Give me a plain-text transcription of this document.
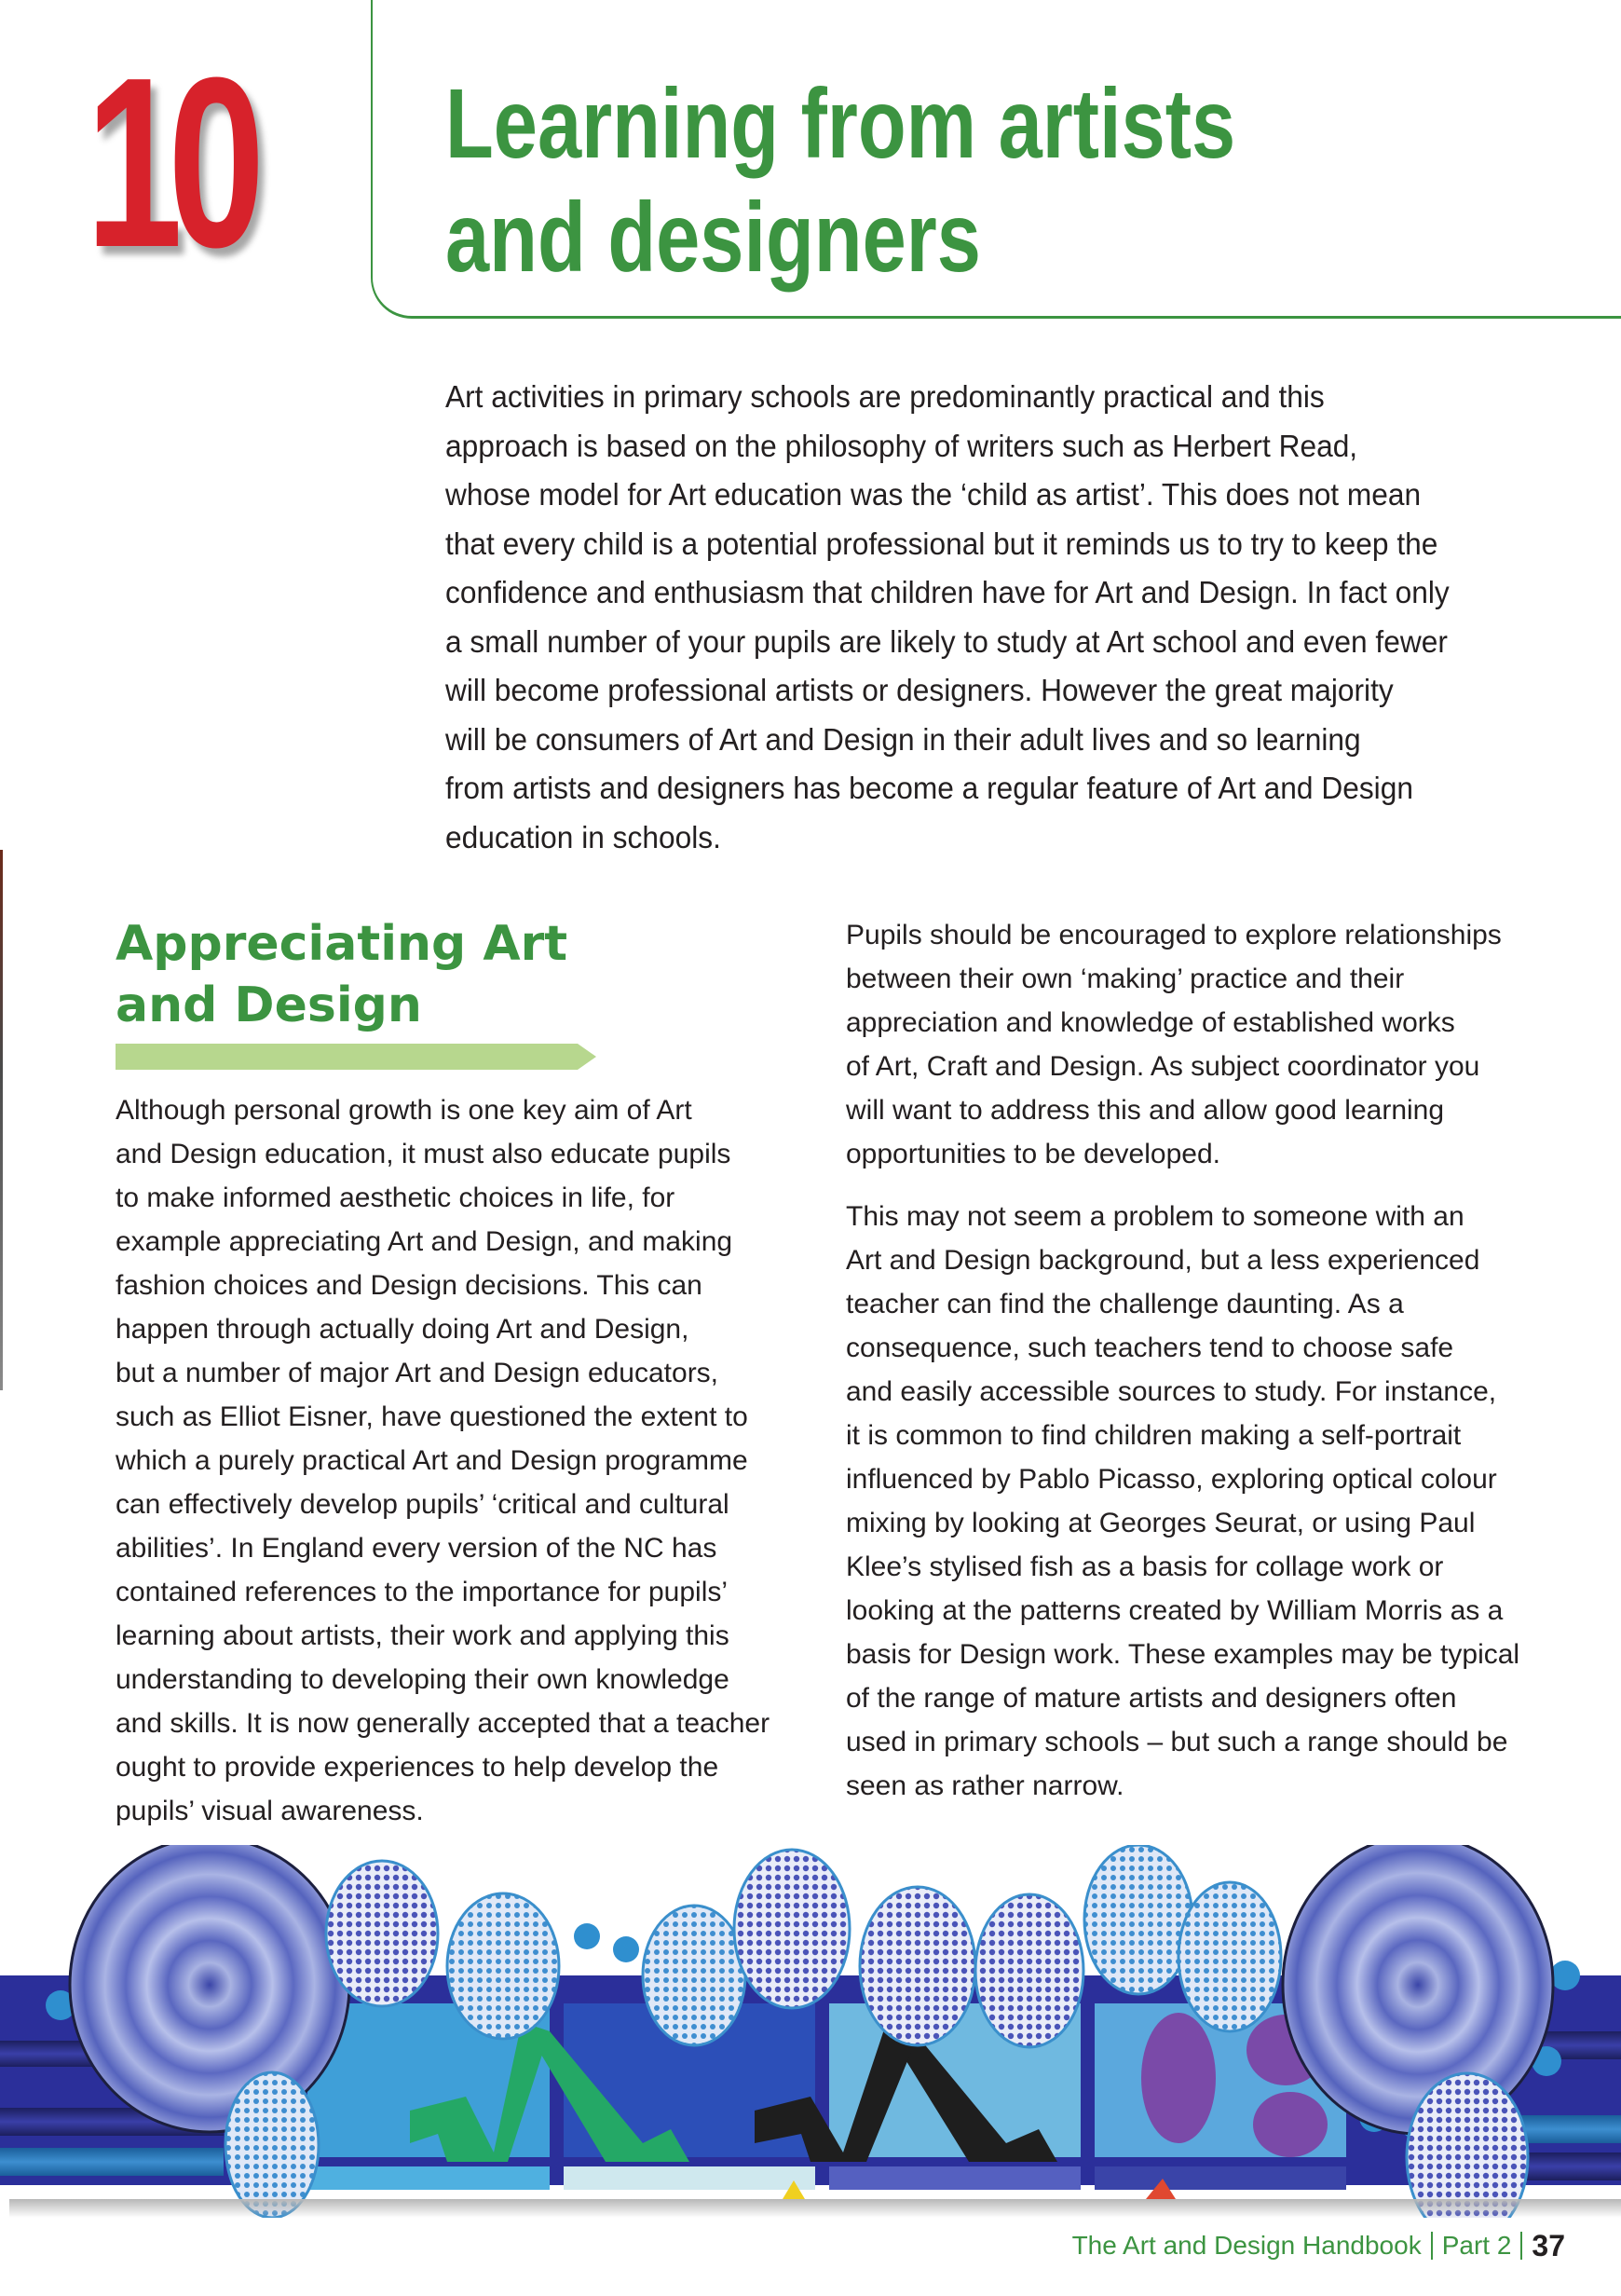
10 Learning from artists
and designers
Art activities in primary schools are predominantly practical and this
approach is based on the philosophy of writers such as Herbert Read,
whose model for Art education was the ‘child as artist’. This does not mean
that every child is a potential professional but it reminds us to try to keep the
confidence and enthusiasm that children have for Art and Design. In fact only
a small number of your pupils are likely to study at Art school and even fewer
will become professional artists or designers. However the great majority
will be consumers of Art and Design in their adult lives and so learning
from artists and designers has become a regular feature of Art and Design
education in schools.
Appreciating Art
and Design
Although personal growth is one key aim of Art
and Design education, it must also educate pupils
to make informed aesthetic choices in life, for
example appreciating Art and Design, and making
fashion choices and Design decisions. This can
happen through actually doing Art and Design,
but a number of major Art and Design educators,
such as Elliot Eisner, have questioned the extent to
which a purely practical Art and Design programme
can effectively develop pupils’ ‘critical and cultural
abilities’. In England every version of the NC has
contained references to the importance for pupils’
learning about artists, their work and applying this
understanding to developing their own knowledge
and skills. It is now generally accepted that a teacher
ought to provide experiences to help develop the
pupils’ visual awareness.
Pupils should be encouraged to explore relationships
between their own ‘making’ practice and their
appreciation and knowledge of established works
of Art, Craft and Design. As subject coordinator you
will want to address this and allow good learning
opportunities to be developed.
This may not seem a problem to someone with an
Art and Design background, but a less experienced
teacher can find the challenge daunting. As a
consequence, such teachers tend to choose safe
and easily accessible sources to study. For instance,
it is common to find children making a self-portrait
influenced by Pablo Picasso, exploring optical colour
mixing by looking at Georges Seurat, or using Paul
Klee’s stylised fish as a basis for collage work or
looking at the patterns created by William Morris as a
basis for Design work. These examples may be typical
of the range of mature artists and designers often
used in primary schools – but such a range should be
seen as rather narrow.
The Art and Design Handbook Part 2 37
